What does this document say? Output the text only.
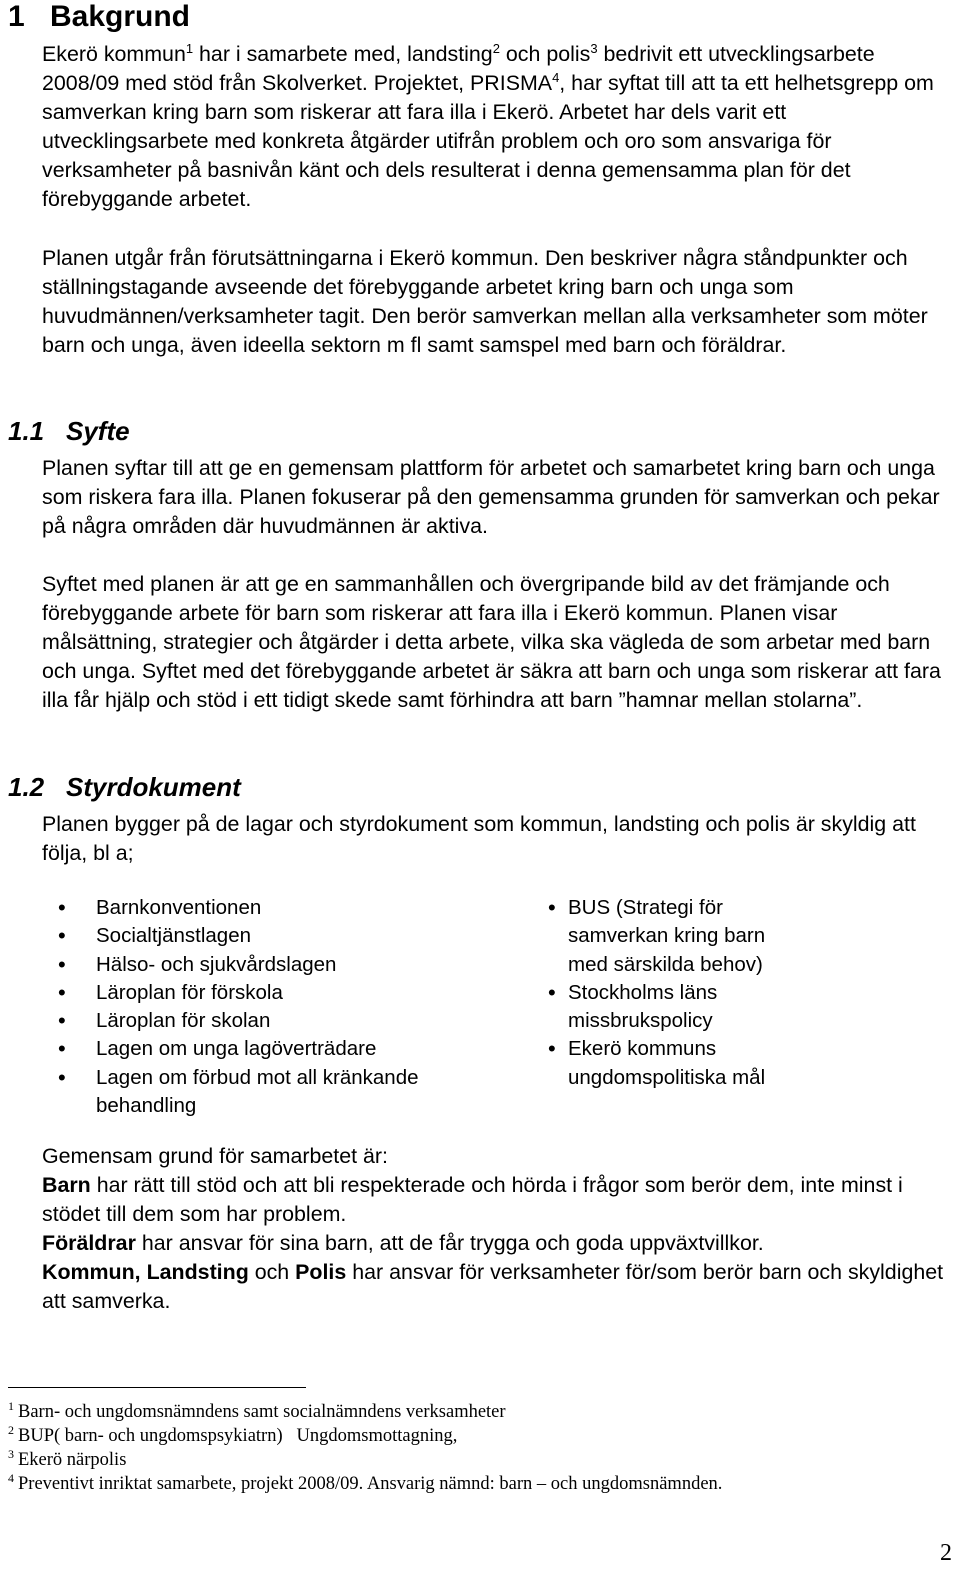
1 Bakgrund

Ekerö kommun$^1$ har i samarbete med, landsting$^2$ och polis$^3$ bedrivit ett utvecklingsarbete 2008/09 med stöd från Skolverket. Projektet, PRISMA$^4$, har syftat till att ta ett helhetsgrepp om samverkan kring barn som riskerar att fara illa i Ekerö. Arbetet har dels varit ett utvecklingsarbete med konkreta åtgärder utifrån problem och oro som ansvariga för verksamheter på basnivån känt och dels resulterat i denna gemensamma plan för det förebyggande arbetet.

Planen utgår från förutsättningarna i Ekerö kommun. Den beskriver några ståndpunkter och ställningstagande avseende det förebyggande arbetet kring barn och unga som huvudmännen/verksamheter tagit. Den berör samverkan mellan alla verksamheter som möter barn och unga, även ideella sektorn m fl samt samspel med barn och föräldrar.

1.1 Syfte

Planen syftar till att ge en gemensam plattform för arbetet och samarbetet kring barn och unga som riskera fara illa. Planen fokuserar på den gemensamma grunden för samverkan och pekar på några områden där huvudmännen är aktiva.

Syftet med planen är att ge en sammanhållen och övergripande bild av det främjande och förebyggande arbete för barn som riskerar att fara illa i Ekerö kommun. Planen visar målsättning, strategier och åtgärder i detta arbete, vilka ska vägleda de som arbetar med barn och unga. Syftet med det förebyggande arbetet är säkra att barn och unga som riskerar att fara illa får hjälp och stöd i ett tidigt skede samt förhindra att barn ”hamnar mellan stolarna”.

1.2 Styrdokument

Planen bygger på de lagar och styrdokument som kommun, landsting och polis är skyldig att följa, bl a;

• Barnkonventionen
• Socialtjänstlagen
• Hälso- och sjukvårdslagen
• Läroplan för förskola
• Läroplan för skolan
• Lagen om unga lagöverträdare
• Lagen om förbud mot all kränkande behandling
• BUS (Strategi för samverkan kring barn med särskilda behov)
• Stockholms läns missbrukspolicy
• Ekerö kommuns ungdomspolitiska mål

Gemensam grund för samarbetet är:
Barn har rätt till stöd och att bli respekterade och hörda i frågor som berör dem, inte minst i stödet till dem som har problem.
Föräldrar har ansvar för sina barn, att de får trygga och goda uppväxtvillkor.
Kommun, Landsting och Polis har ansvar för verksamheter för/som berör barn och skyldighet att samverka.

$^1$ Barn- och ungdomsnämndens samt socialnämndens verksamheter
$^2$ BUP( barn- och ungdomspsykiatrn)   Ungdomsmottagning,
$^3$ Ekerö närpolis
$^4$ Preventivt inriktat samarbete, projekt 2008/09. Ansvarig nämnd: barn – och ungdomsnämnden.
2
